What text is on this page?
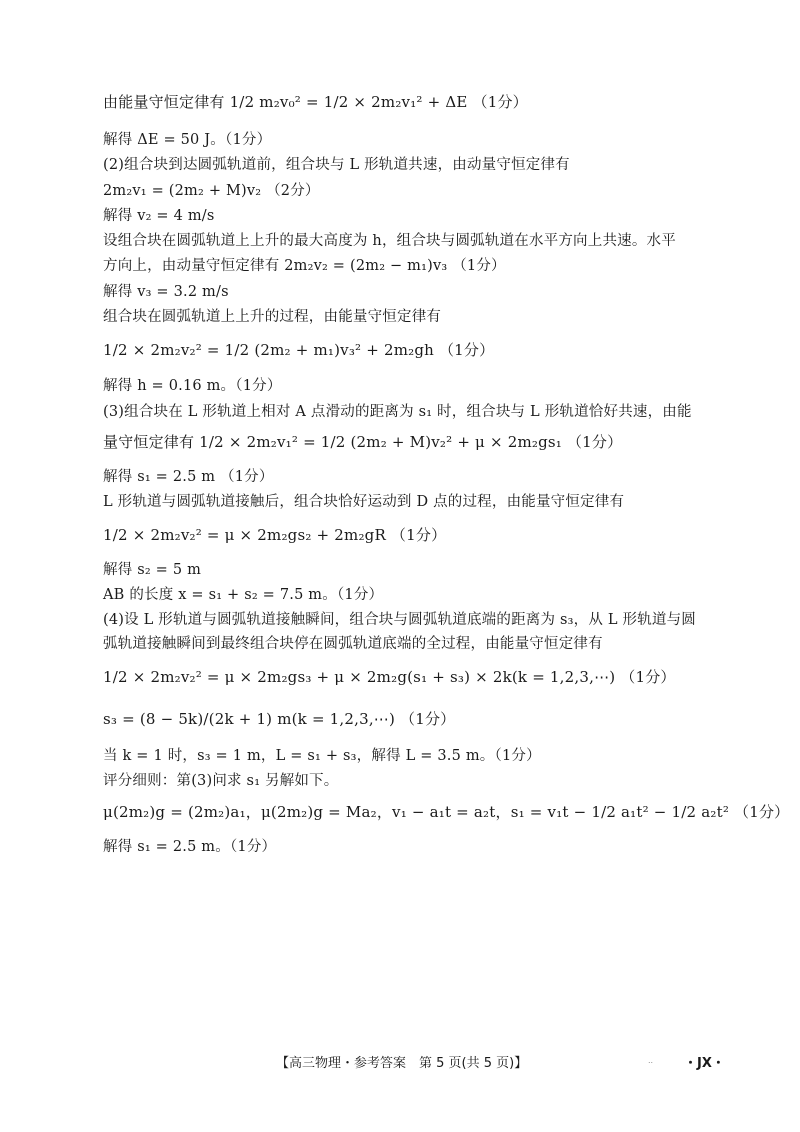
由能量守恒定律有 1/2 m₂v₀² = 1/2 × 2m₂v₁² + ΔE （1分）
解得 ΔE = 50 J。（1分）
(2)组合块到达圆弧轨道前，组合块与 L 形轨道共速，由动量守恒定律有
2m₂v₁ = (2m₂ + M)v₂ （2分）
解得 v₂ = 4 m/s
设组合块在圆弧轨道上上升的最大高度为 h，组合块与圆弧轨道在水平方向上共速。水平
方向上，由动量守恒定律有 2m₂v₂ = (2m₂ − m₁)v₃ （1分）
解得 v₃ = 3.2 m/s
组合块在圆弧轨道上上升的过程，由能量守恒定律有
1/2 × 2m₂v₂² = 1/2 (2m₂ + m₁)v₃² + 2m₂gh （1分）
解得 h = 0.16 m。（1分）
(3)组合块在 L 形轨道上相对 A 点滑动的距离为 s₁ 时，组合块与 L 形轨道恰好共速，由能
量守恒定律有 1/2 × 2m₂v₁² = 1/2 (2m₂ + M)v₂² + μ × 2m₂gs₁ （1分）
解得 s₁ = 2.5 m （1分）
L 形轨道与圆弧轨道接触后，组合块恰好运动到 D 点的过程，由能量守恒定律有
1/2 × 2m₂v₂² = μ × 2m₂gs₂ + 2m₂gR （1分）
解得 s₂ = 5 m
AB 的长度 x = s₁ + s₂ = 7.5 m。（1分）
(4)设 L 形轨道与圆弧轨道接触瞬间，组合块与圆弧轨道底端的距离为 s₃，从 L 形轨道与圆
弧轨道接触瞬间到最终组合块停在圆弧轨道底端的全过程，由能量守恒定律有
1/2 × 2m₂v₂² = μ × 2m₂gs₃ + μ × 2m₂g(s₁ + s₃) × 2k(k = 1,2,3,⋯) （1分）
s₃ = (8 − 5k)/(2k + 1) m(k = 1,2,3,⋯) （1分）
当 k = 1 时，s₃ = 1 m，L = s₁ + s₃，解得 L = 3.5 m。（1分）
评分细则：第(3)问求 s₁ 另解如下。
μ(2m₂)g = (2m₂)a₁，μ(2m₂)g = Ma₂，v₁ − a₁t = a₂t，s₁ = v₁t − 1/2 a₁t² − 1/2 a₂t² （1分）
解得 s₁ = 2.5 m。（1分）
【高三物理・参考答案　第 5 页(共 5 页)】	.. ・JX・
